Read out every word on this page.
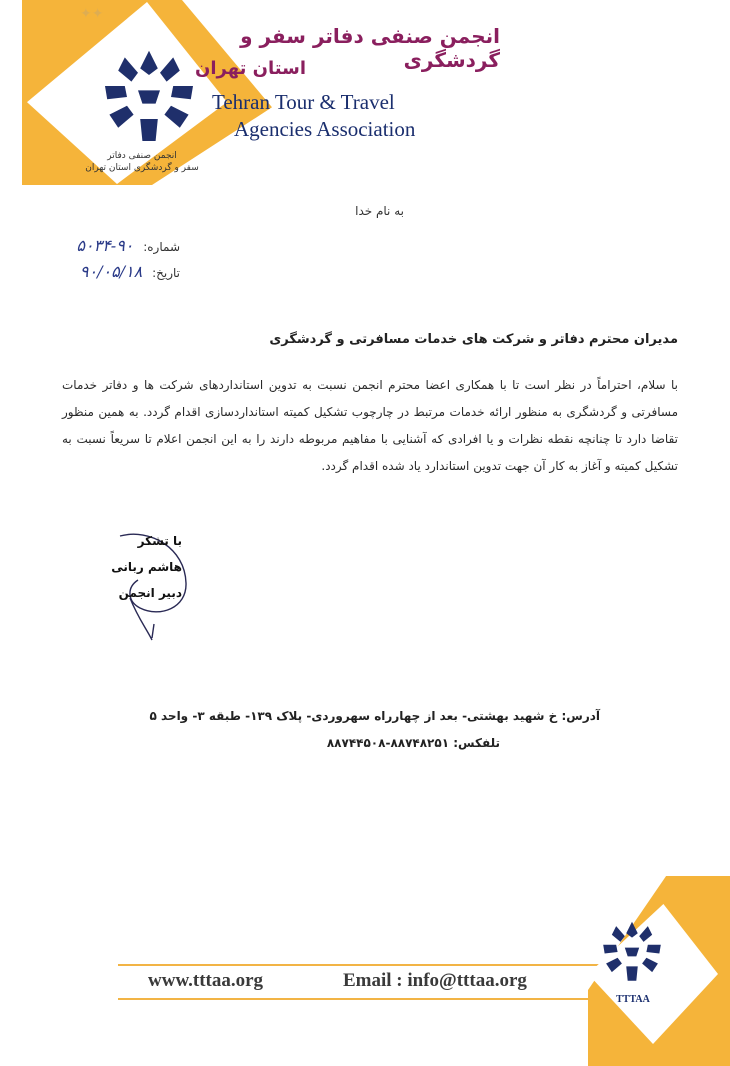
انجمن صنفی دفاتر
سفر و گردشگری استان تهران
✦✦
انجمن صنفی دفاتر سفر و گردشگری
استان تهران
Tehran Tour & Travel
Agencies Association
به نام خدا
شماره: ۹۰-۵۰۳۴
تاریخ: ۹۰/۰۵/۱۸
مدیران محترم دفاتر و شرکت های خدمات مسافرتی و گردشگری
با سلام، احتراماً در نظر است تا با همکاری اعضا محترم انجمن نسبت به تدوین استانداردهای شرکت ها و دفاتر خدمات مسافرتی و گردشگری به منظور ارائه خدمات مرتبط در چارچوب تشکیل کمیته استانداردسازی اقدام گردد. به همین منظور تقاضا دارد تا چنانچه نقطه نظرات و یا افرادی که آشنایی با مفاهیم مربوطه دارند را به این انجمن اعلام تا سریعاً نسبت به تشکیل کمیته و آغاز به کار آن جهت تدوین استاندارد یاد شده اقدام گردد.
با تشکر
هاشم ربانی
دبیر انجمن
آدرس: خ شهید بهشتی- بعد از چهارراه سهروردی- پلاک ۱۳۹- طبقه ۳- واحد ۵
تلفکس: ۸۸۷۴۸۲۵۱-۸۸۷۴۴۵۰۸
www.tttaa.org	Email : info@tttaa.org
TTTAA
